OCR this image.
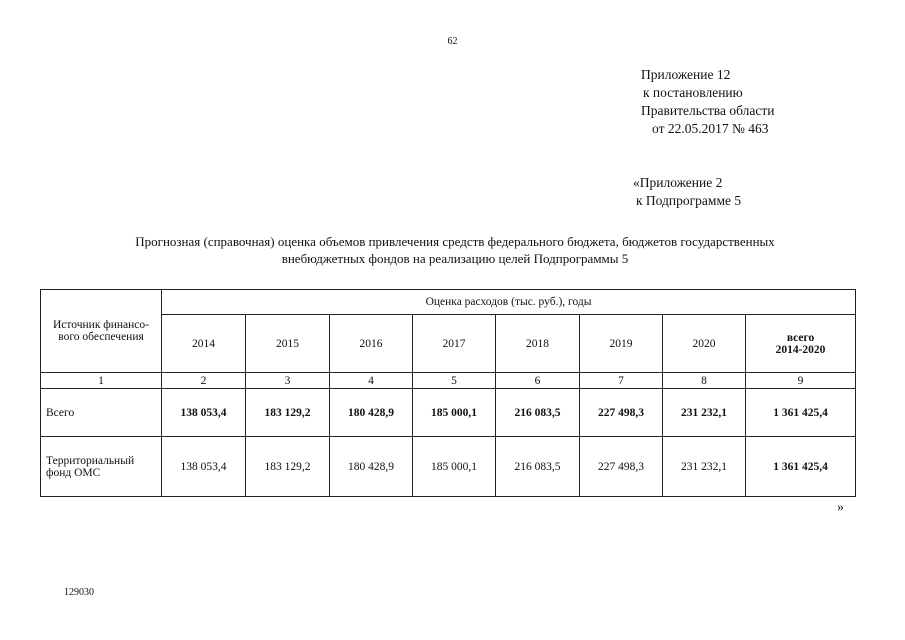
62
Приложение 12
к постановлению
Правительства области
от 22.05.2017 № 463
«Приложение 2
к Подпрограмме 5
Прогнозная (справочная) оценка объемов привлечения средств федерального бюджета, бюджетов государственных
внебюджетных фондов на реализацию целей Подпрограммы 5
Источник финансо-
вого обеспечения	Оценка расходов (тыс. руб.), годы							
	2014	2015	2016	2017	2018	2019	2020	всего
2014-2020

1	2	3	4	5	6	7	8	9
Всего	138 053,4	183 129,2	180 428,9	185 000,1	216 083,5	227 498,3	231 232,1	1 361 425,4

Территориальный
фонд ОМС	138 053,4	183 129,2	180 428,9	185 000,1	216 083,5	227 498,3	231 232,1	1 361 425,4
»
129030
